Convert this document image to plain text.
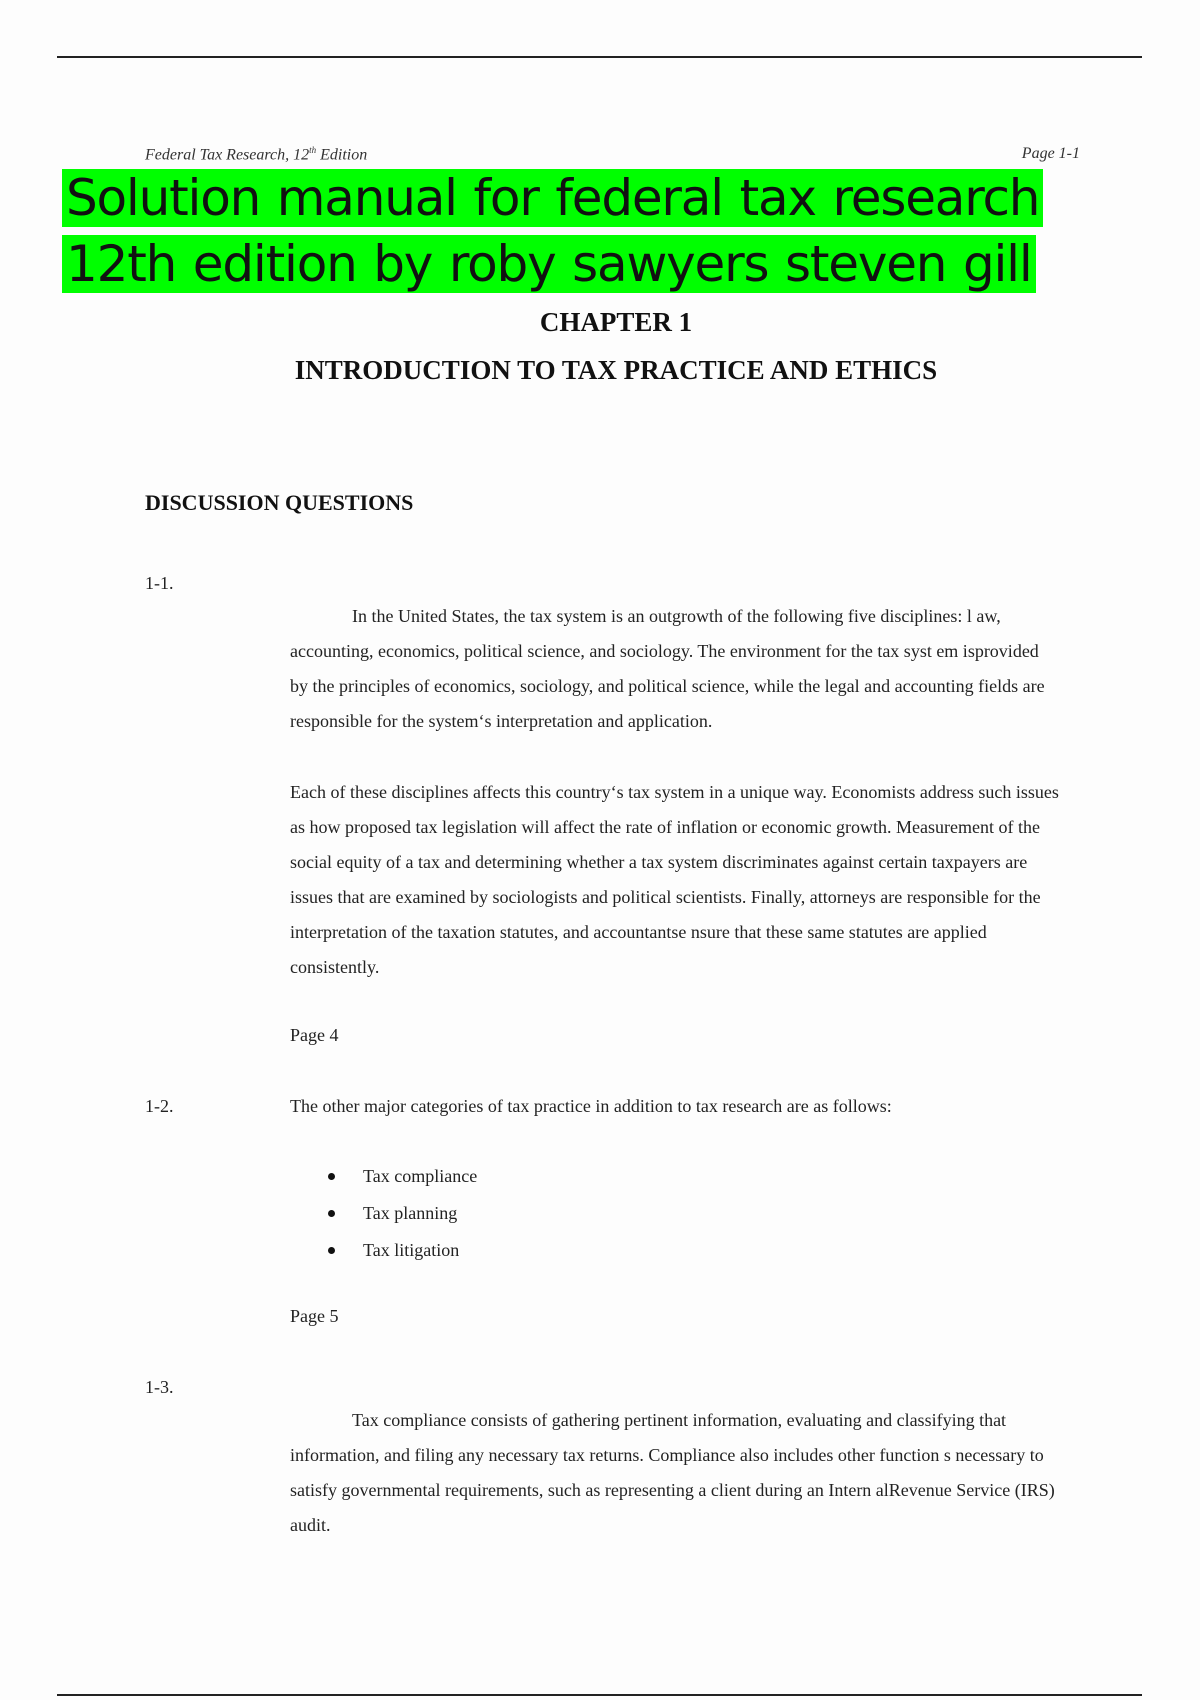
Federal Tax Research, 12th Edition	Page 1-1
Solution manual for federal tax research 12th edition by roby sawyers steven gill
CHAPTER 1
INTRODUCTION TO TAX PRACTICE AND ETHICS
DISCUSSION QUESTIONS
1-1.

In the United States, the tax system is an outgrowth of the following five disciplines: l aw, accounting, economics, political science, and sociology. The environment for the tax syst em isprovided by the principles of economics, sociology, and political science, while the legal and accounting fields are responsible for the system‘s interpretation and application.

Each of these disciplines affects this country‘s tax system in a unique way. Economists address such issues as how proposed tax legislation will affect the rate of inflation or economic growth. Measurement of the social equity of a tax and determining whether a tax system discriminates against certain taxpayers are issues that are examined by sociologists and political scientists. Finally, attorneys are responsible for the interpretation of the taxation statutes, and accountantse nsure that these same statutes are applied consistently.

Page 4
1-2.	The other major categories of tax practice in addition to tax research are as follows:
Tax compliance
Tax planning
Tax litigation
Page 5
1-3.

Tax compliance consists of gathering pertinent information, evaluating and classifying that information, and filing any necessary tax returns. Compliance also includes other function s necessary to satisfy governmental requirements, such as representing a client during an Intern alRevenue Service (IRS) audit.
